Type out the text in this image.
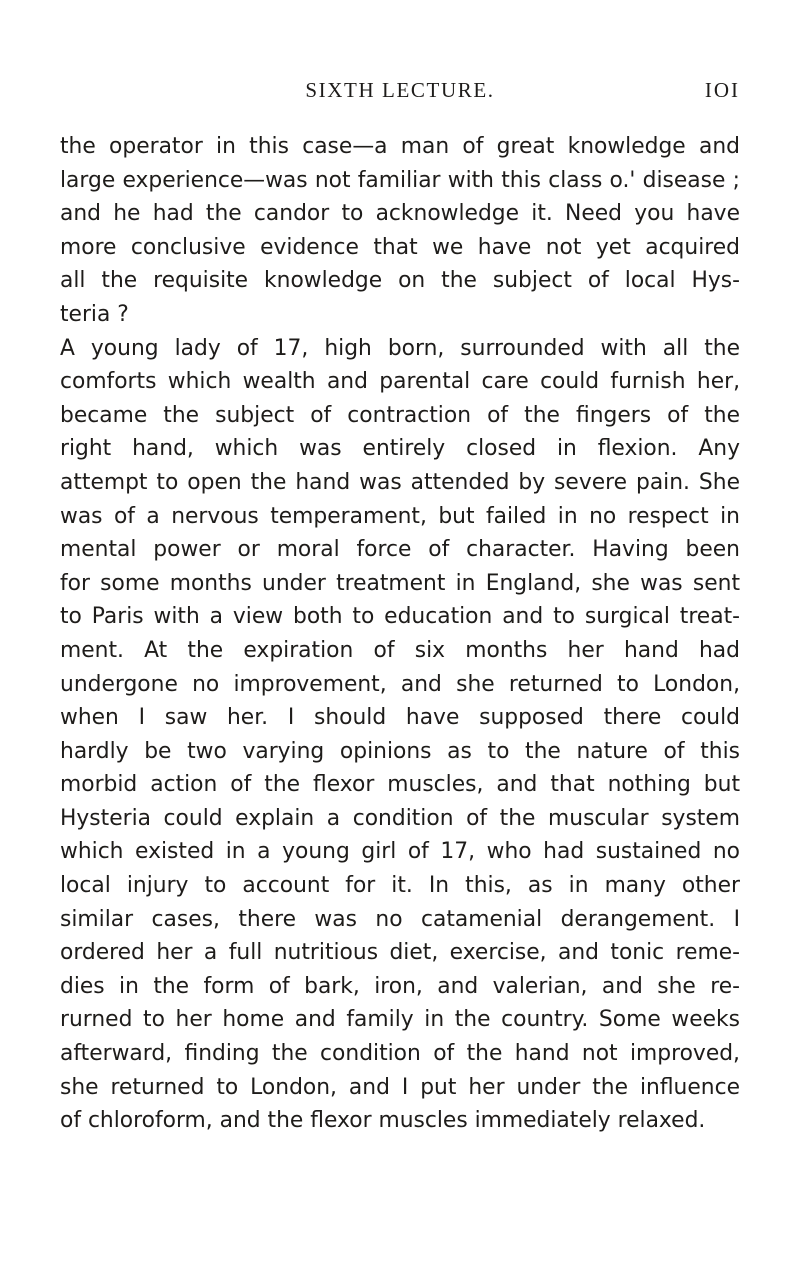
SIXTH LECTURE.	IOI
the operator in this case—a man of great knowledge and
large experience—was not familiar with this class o.' disease ;
and he had the candor to acknowledge it. Need you have
more conclusive evidence that we have not yet acquired
all the requisite knowledge on the subject of local Hys-
teria ?
A young lady of 17, high born, surrounded with all the
comforts which wealth and parental care could furnish her,
became the subject of contraction of the fingers of the
right hand, which was entirely closed in flexion. Any
attempt to open the hand was attended by severe pain. She
was of a nervous temperament, but failed in no respect in
mental power or moral force of character. Having been
for some months under treatment in England, she was sent
to Paris with a view both to education and to surgical treat-
ment. At the expiration of six months her hand had
undergone no improvement, and she returned to London,
when I saw her. I should have supposed there could
hardly be two varying opinions as to the nature of this
morbid action of the flexor muscles, and that nothing but
Hysteria could explain a condition of the muscular system
which existed in a young girl of 17, who had sustained no
local injury to account for it. In this, as in many other
similar cases, there was no catamenial derangement. I
ordered her a full nutritious diet, exercise, and tonic reme-
dies in the form of bark, iron, and valerian, and she re-
rurned to her home and family in the country. Some weeks
afterward, finding the condition of the hand not improved,
she returned to London, and I put her under the influence
of chloroform, and the flexor muscles immediately relaxed.
